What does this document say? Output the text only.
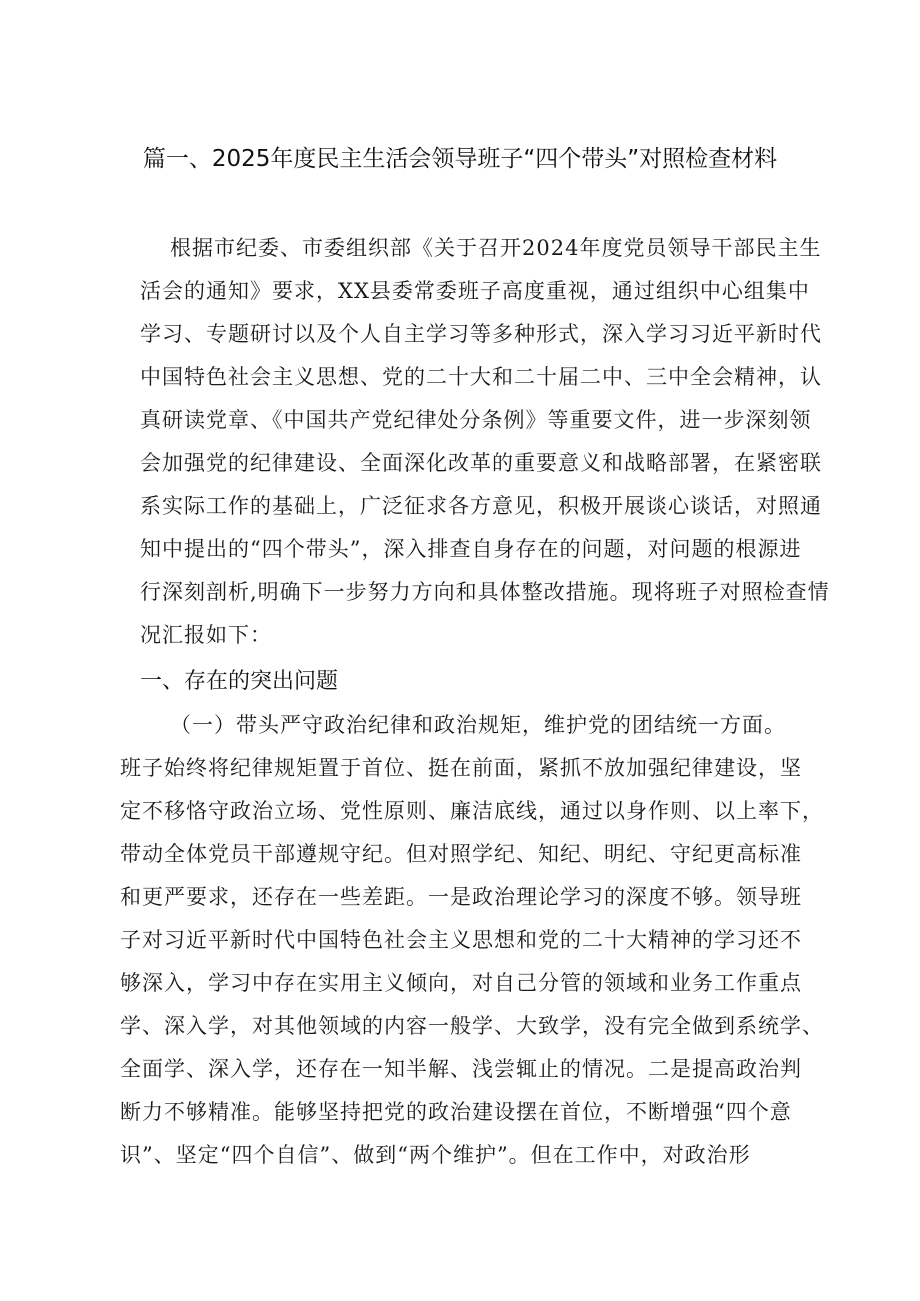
篇一、2025年度民主生活会领导班子“四个带头”对照检查材料
根据市纪委、市委组织部《关于召开2024年度党员领导干部民主生
活会的通知》要求，XX县委常委班子高度重视，通过组织中心组集中
学习、专题研讨以及个人自主学习等多种形式，深入学习习近平新时代
中国特色社会主义思想、党的二十大和二十届二中、三中全会精神，认
真研读党章、《中国共产党纪律处分条例》等重要文件，进一步深刻领
会加强党的纪律建设、全面深化改革的重要意义和战略部署，在紧密联
系实际工作的基础上，广泛征求各方意见，积极开展谈心谈话，对照通
知中提出的“四个带头”，深入排查自身存在的问题，对问题的根源进
行深刻剖析,明确下一步努力方向和具体整改措施。现将班子对照检查情
况汇报如下：
一、存在的突出问题
（一）带头严守政治纪律和政治规矩，维护党的团结统一方面。
班子始终将纪律规矩置于首位、挺在前面，紧抓不放加强纪律建设，坚
定不移恪守政治立场、党性原则、廉洁底线，通过以身作则、以上率下，
带动全体党员干部遵规守纪。但对照学纪、知纪、明纪、守纪更高标准
和更严要求，还存在一些差距。一是政治理论学习的深度不够。领导班
子对习近平新时代中国特色社会主义思想和党的二十大精神的学习还不
够深入，学习中存在实用主义倾向，对自己分管的领域和业务工作重点
学、深入学，对其他领域的内容一般学、大致学，没有完全做到系统学、
全面学、深入学，还存在一知半解、浅尝辄止的情况。二是提高政治判
断力不够精准。能够坚持把党的政治建设摆在首位，不断增强“四个意
识”、坚定“四个自信”、做到“两个维护”。但在工作中，对政治形
